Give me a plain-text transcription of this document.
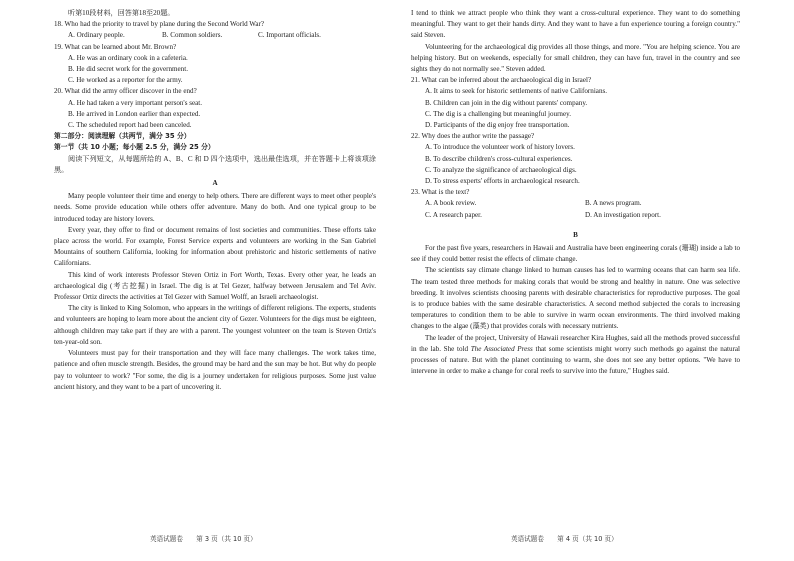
听第10段材料，回答第18至20题。

18. Who had the priority to travel by plane during the Second World War?

A. Ordinary people.	B. Common soldiers.	C. Important officials.

19. What can be learned about Mr. Brown?

A. He was an ordinary cook in a cafeteria.

B. He did secret work for the government.

C. He worked as a reporter for the army.

20. What did the army officer discover in the end?

A. He had taken a very important person's seat.

B. He arrived in London earlier than expected.

C. The scheduled report had been canceled.

第二部分：阅读理解（共两节，满分 35 分）

第一节（共 10 小题；每小题 2.5 分，满分 25 分）

阅读下列短文，从每题所给的 A、B、C 和 D 四个选项中，选出最佳选项，并在答题卡上将该项涂黑。

A

Many people volunteer their time and energy to help others. There are different ways to meet other people's needs. Some provide education while others offer adventure. Many do both. And one typical group to be introduced today are history lovers.

Every year, they offer to find or document remains of lost societies and communities. These efforts take place across the world. For example, Forest Service experts and volunteers are working in the San Gabriel Mountains of southern California, looking for information about prehistoric and historic settlements of native Californians.

This kind of work interests Professor Steven Ortiz in Fort Worth, Texas. Every other year, he leads an archaeological dig (考古挖掘) in Israel. The dig is at Tel Gezer, halfway between Jerusalem and Tel Aviv. Professor Ortiz directs the activities at Tel Gezer with Samuel Wolff, an Israeli archaeologist.

The city is linked to King Solomon, who appears in the writings of different religions. The experts, students and volunteers are hoping to learn more about the ancient city of Gezer. Volunteers for the digs must be eighteen, although children may take part if they are with a parent. The youngest volunteer on the team is Steven Ortiz's ten-year-old son.

Volunteers must pay for their transportation and they will face many challenges. The work takes time, patience and often muscle strength. Besides, the ground may be hard and the sun may be hot. But why do people pay to volunteer to work? "For some, the dig is a journey undertaken for religious purposes. Some just value ancient history, and they want to be a part of uncovering it.

I tend to think we attract people who think they want a cross-cultural experience. They want to do something meaningful. They want to get their hands dirty. And they want to have a fun experience touring a foreign country." said Steven.

Volunteering for the archaeological dig provides all those things, and more. "You are helping science. You are helping history. But on weekends, especially for small children, they can have fun, travel in the country and see sights they do not normally see." Steven added.

21. What can be inferred about the archaeological dig in Israel?

A. It aims to seek for historic settlements of native Californians.

B. Children can join in the dig without parents' company.

C. The dig is a challenging but meaningful journey.

D. Participants of the dig enjoy free transportation.

22. Why does the author write the passage?

A. To introduce the volunteer work of history lovers.

B. To describe children's cross-cultural experiences.

C. To analyze the significance of archaeological digs.

D. To stress experts' efforts in archaeological research.

23. What is the text?

A. A book review.	B. A news program.
C. A research paper.	D. An investigation report.

B

For the past five years, researchers in Hawaii and Australia have been engineering corals (珊瑚) inside a lab to see if they could better resist the effects of climate change.

The scientists say climate change linked to human causes has led to warming oceans that can harm sea life. The team tested three methods for making corals that would be strong and healthy in nature. One was selective breeding. It involves scientists choosing parents with desirable characteristics for reproductive purposes. The goal is to produce babies with the same desirable characteristics. A second method subjected the corals to increasing temperatures to condition them to be able to survive in warm ocean environments. The third involved making changes to the algae (藻类) that provides corals with necessary nutrients.

The leader of the project, University of Hawaii researcher Kira Hughes, said all the methods proved successful in the lab. She told The Associated Press that some scientists might worry such methods go against the natural processes of nature. But with the planet continuing to warm, she does not see any better options. "We have to intervene in order to make a change for coral reefs to survive into the future," Hughes said.

英语试题卷　　第 3 页（共 10 页）	英语试题卷　　第 4 页（共 10 页）
